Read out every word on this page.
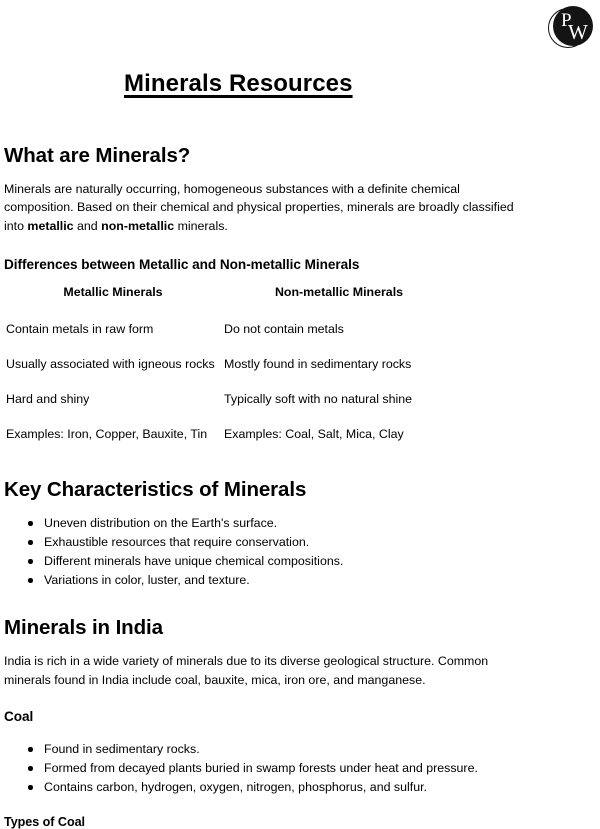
P
W
Minerals Resources
What are Minerals?

Minerals are naturally occurring, homogeneous substances with a definite chemical composition. Based on their chemical and physical properties, minerals are broadly classified into metallic and non-metallic minerals.

Differences between Metallic and Non-metallic Minerals
Metallic Minerals	Non-metallic Minerals
Contain metals in raw form	Do not contain metals
Usually associated with igneous rocks	Mostly found in sedimentary rocks
Hard and shiny	Typically soft with no natural shine
Examples: Iron, Copper, Bauxite, Tin	Examples: Coal, Salt, Mica, Clay
Key Characteristics of Minerals
Uneven distribution on the Earth's surface.
Exhaustible resources that require conservation.
Different minerals have unique chemical compositions.
Variations in color, luster, and texture.
Minerals in India

India is rich in a wide variety of minerals due to its diverse geological structure. Common minerals found in India include coal, bauxite, mica, iron ore, and manganese.

Coal
Found in sedimentary rocks.
Formed from decayed plants buried in swamp forests under heat and pressure.
Contains carbon, hydrogen, oxygen, nitrogen, phosphorus, and sulfur.
Types of Coal
